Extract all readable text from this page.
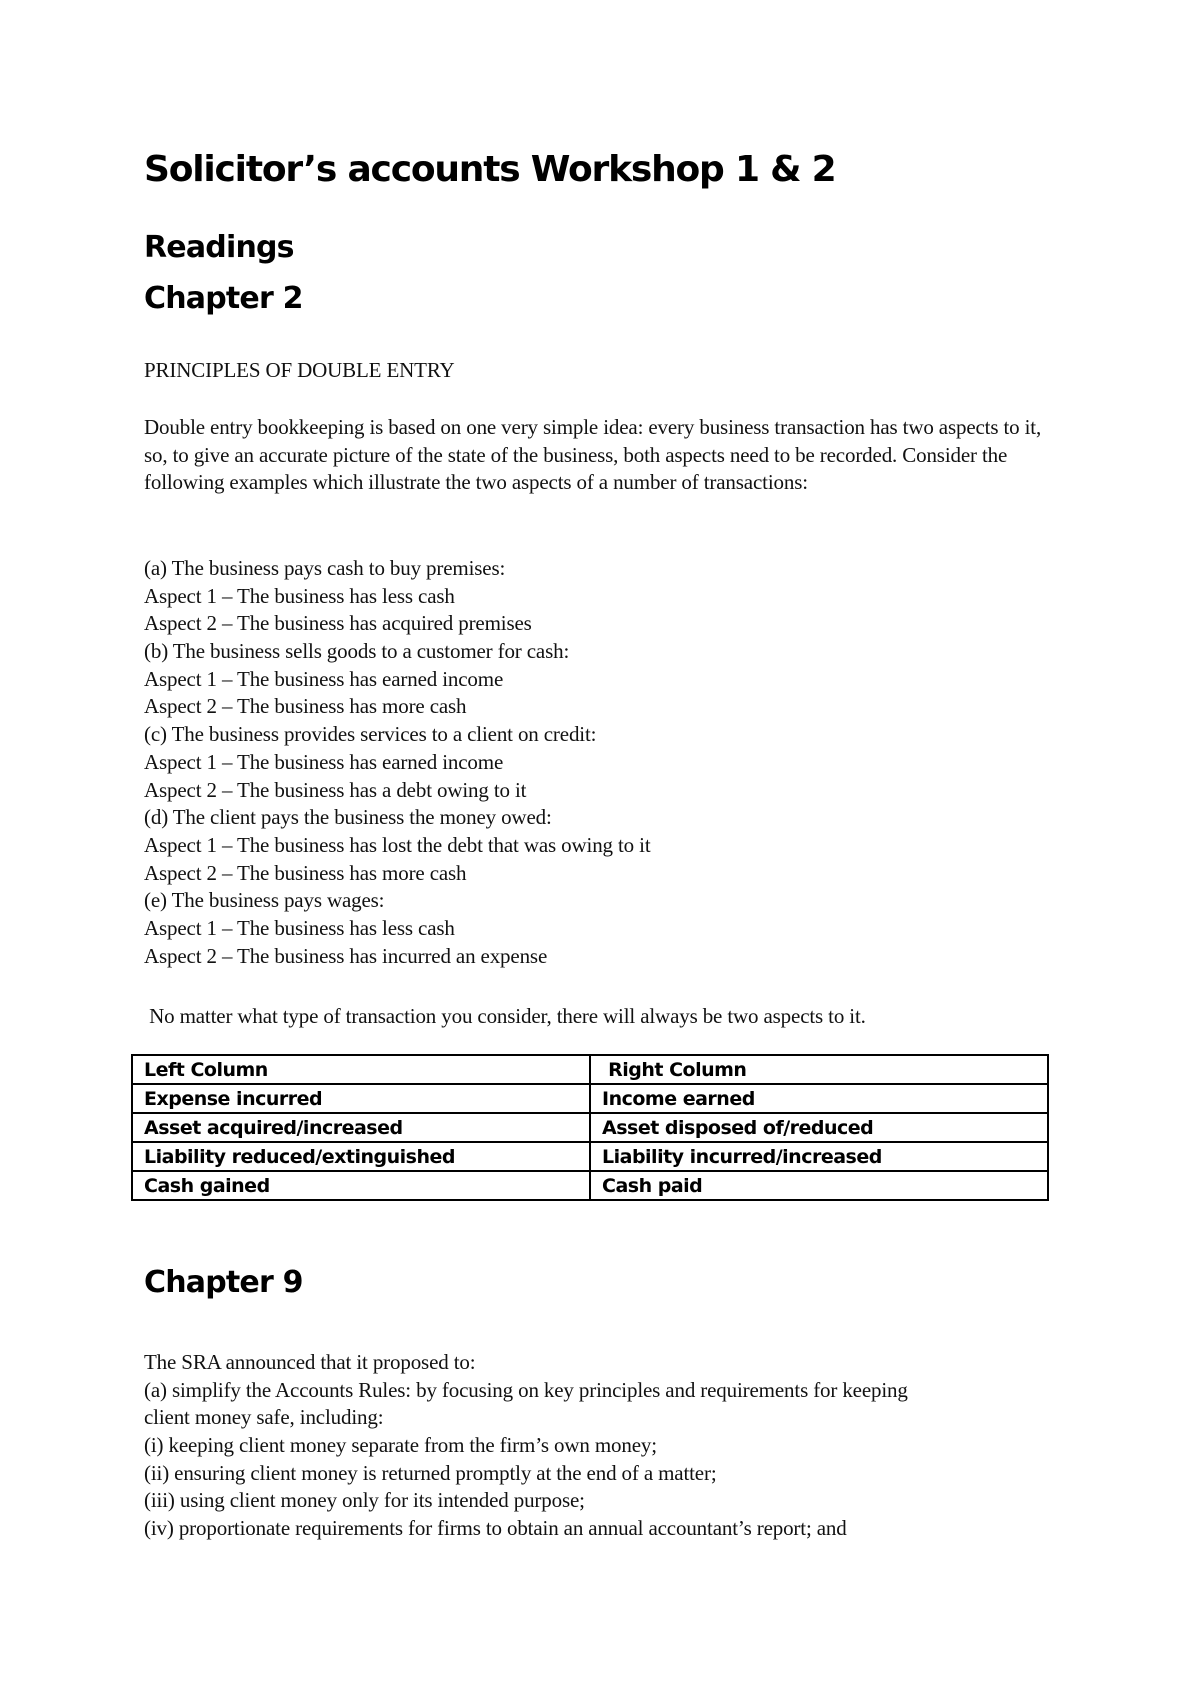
Solicitor’s accounts Workshop 1 & 2
Readings
Chapter 2

PRINCIPLES OF DOUBLE ENTRY

Double entry bookkeeping is based on one very simple idea: every business transaction has two aspects to it, so, to give an accurate picture of the state of the business, both aspects need to be recorded. Consider the following examples which illustrate the two aspects of a number of transactions:

(a) The business pays cash to buy premises:
Aspect 1 – The business has less cash
Aspect 2 – The business has acquired premises
(b) The business sells goods to a customer for cash:
Aspect 1 – The business has earned income
Aspect 2 – The business has more cash
(c) The business provides services to a client on credit:
Aspect 1 – The business has earned income
Aspect 2 – The business has a debt owing to it
(d) The client pays the business the money owed:
Aspect 1 – The business has lost the debt that was owing to it
Aspect 2 – The business has more cash
(e) The business pays wages:
Aspect 1 – The business has less cash
Aspect 2 – The business has incurred an expense

No matter what type of transaction you consider, there will always be two aspects to it.

Left Column	Right Column
Expense incurred	Income earned
Asset acquired/increased	Asset disposed of/reduced
Liability reduced/extinguished	Liability incurred/increased
Cash gained	Cash paid
Chapter 9
The SRA announced that it proposed to:
(a) simplify the Accounts Rules: by focusing on key principles and requirements for keeping
client money safe, including:
(i) keeping client money separate from the firm’s own money;
(ii) ensuring client money is returned promptly at the end of a matter;
(iii) using client money only for its intended purpose;
(iv) proportionate requirements for firms to obtain an annual accountant’s report; and
